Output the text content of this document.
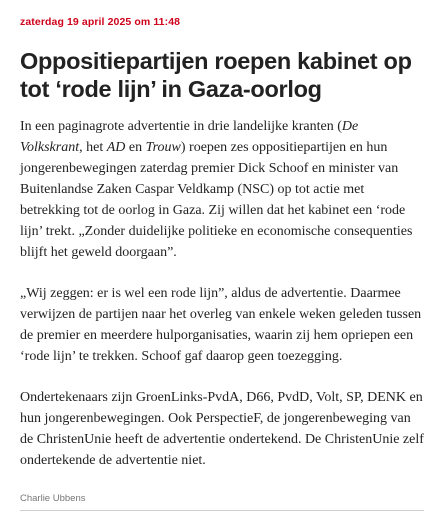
zaterdag 19 april 2025 om 11:48
Oppositiepartijen roepen kabinet op tot ‘rode lijn’ in Gaza-oorlog

In een paginagrote advertentie in drie landelijke kranten (De Volkskrant, het AD en Trouw) roepen zes oppositiepartijen en hun jongerenbewegingen zaterdag premier Dick Schoof en minister van Buitenlandse Zaken Caspar Veldkamp (NSC) op tot actie met betrekking tot de oorlog in Gaza. Zij willen dat het kabinet een ‘rode lijn’ trekt. „Zonder duidelijke politieke en economische consequenties blijft het geweld doorgaan”.

„Wij zeggen: er is wel een rode lijn”, aldus de advertentie. Daarmee verwijzen de partijen naar het overleg van enkele weken geleden tussen de premier en meerdere hulporganisaties, waarin zij hem opriepen een ‘rode lijn’ te trekken. Schoof gaf daarop geen toezegging.

Ondertekenaars zijn GroenLinks-PvdA, D66, PvdD, Volt, SP, DENK en hun jongerenbewegingen. Ook PerspectieF, de jongerenbeweging van de ChristenUnie heeft de advertentie ondertekend. De ChristenUnie zelf ondertekende de advertentie niet.

Charlie Ubbens
